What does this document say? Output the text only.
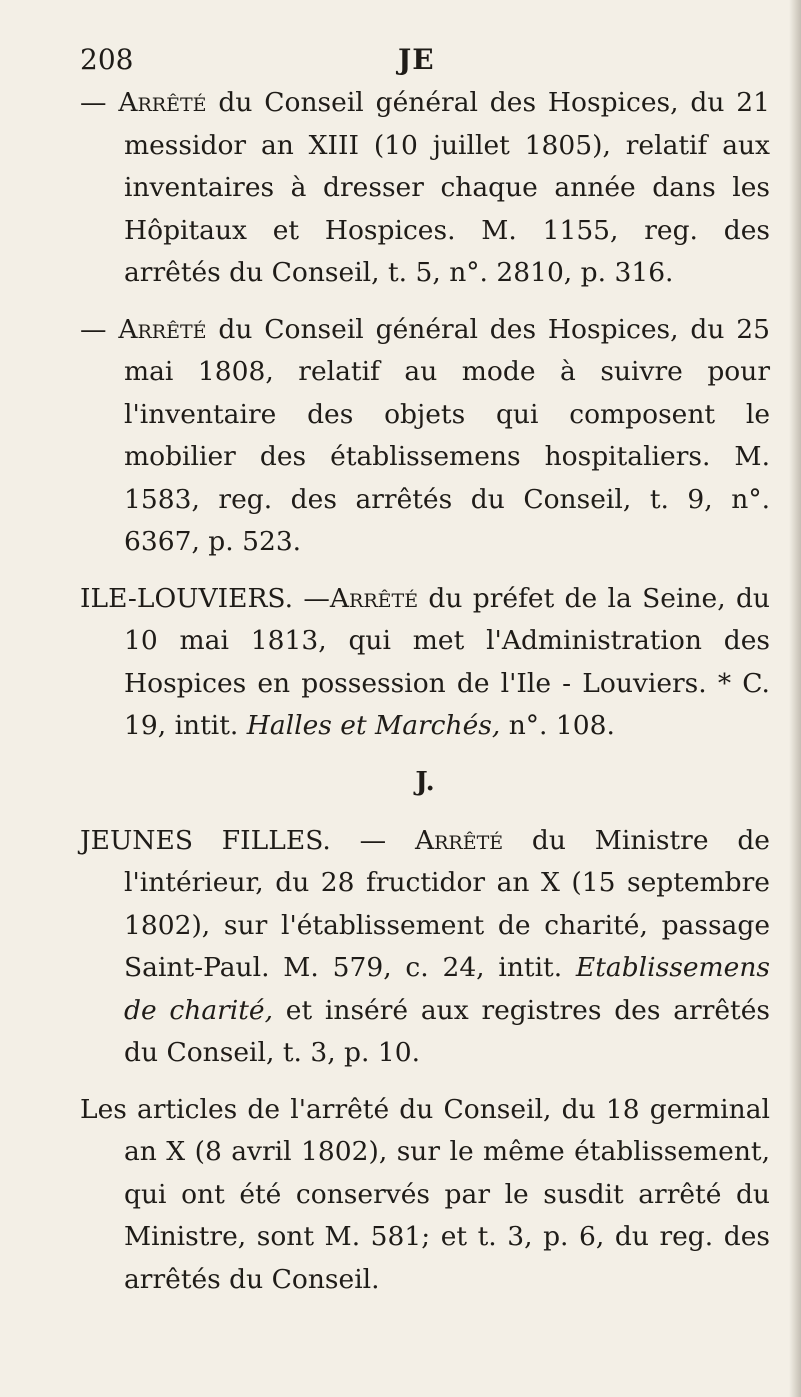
208	JE

— Arrêté du Conseil général des Hospices, du 21 messidor an XIII (10 juillet 1805), relatif aux inventaires à dresser chaque année dans les Hôpitaux et Hospices. M. 1155, reg. des arrêtés du Conseil, t. 5, n°. 2810, p. 316.

— Arrêté du Conseil général des Hospices, du 25 mai 1808, relatif au mode à suivre pour l'inventaire des objets qui composent le mobilier des établissemens hospitaliers. M. 1583, reg. des arrêtés du Conseil, t. 9, n°. 6367, p. 523.

ILE-LOUVIERS. —Arrêté du préfet de la Seine, du 10 mai 1813, qui met l'Administration des Hospices en possession de l'Ile - Louviers. * C. 19, intit. Halles et Marchés, n°. 108.

J.

JEUNES FILLES. — Arrêté du Ministre de l'intérieur, du 28 fructidor an X (15 septembre 1802), sur l'établissement de charité, passage Saint-Paul. M. 579, c. 24, intit. Etablissemens de charité, et inséré aux registres des arrêtés du Conseil, t. 3, p. 10.

Les articles de l'arrêté du Conseil, du 18 germinal an X (8 avril 1802), sur le même établissement, qui ont été conservés par le susdit arrêté du Ministre, sont M. 581; et t. 3, p. 6, du reg. des arrêtés du Conseil.
